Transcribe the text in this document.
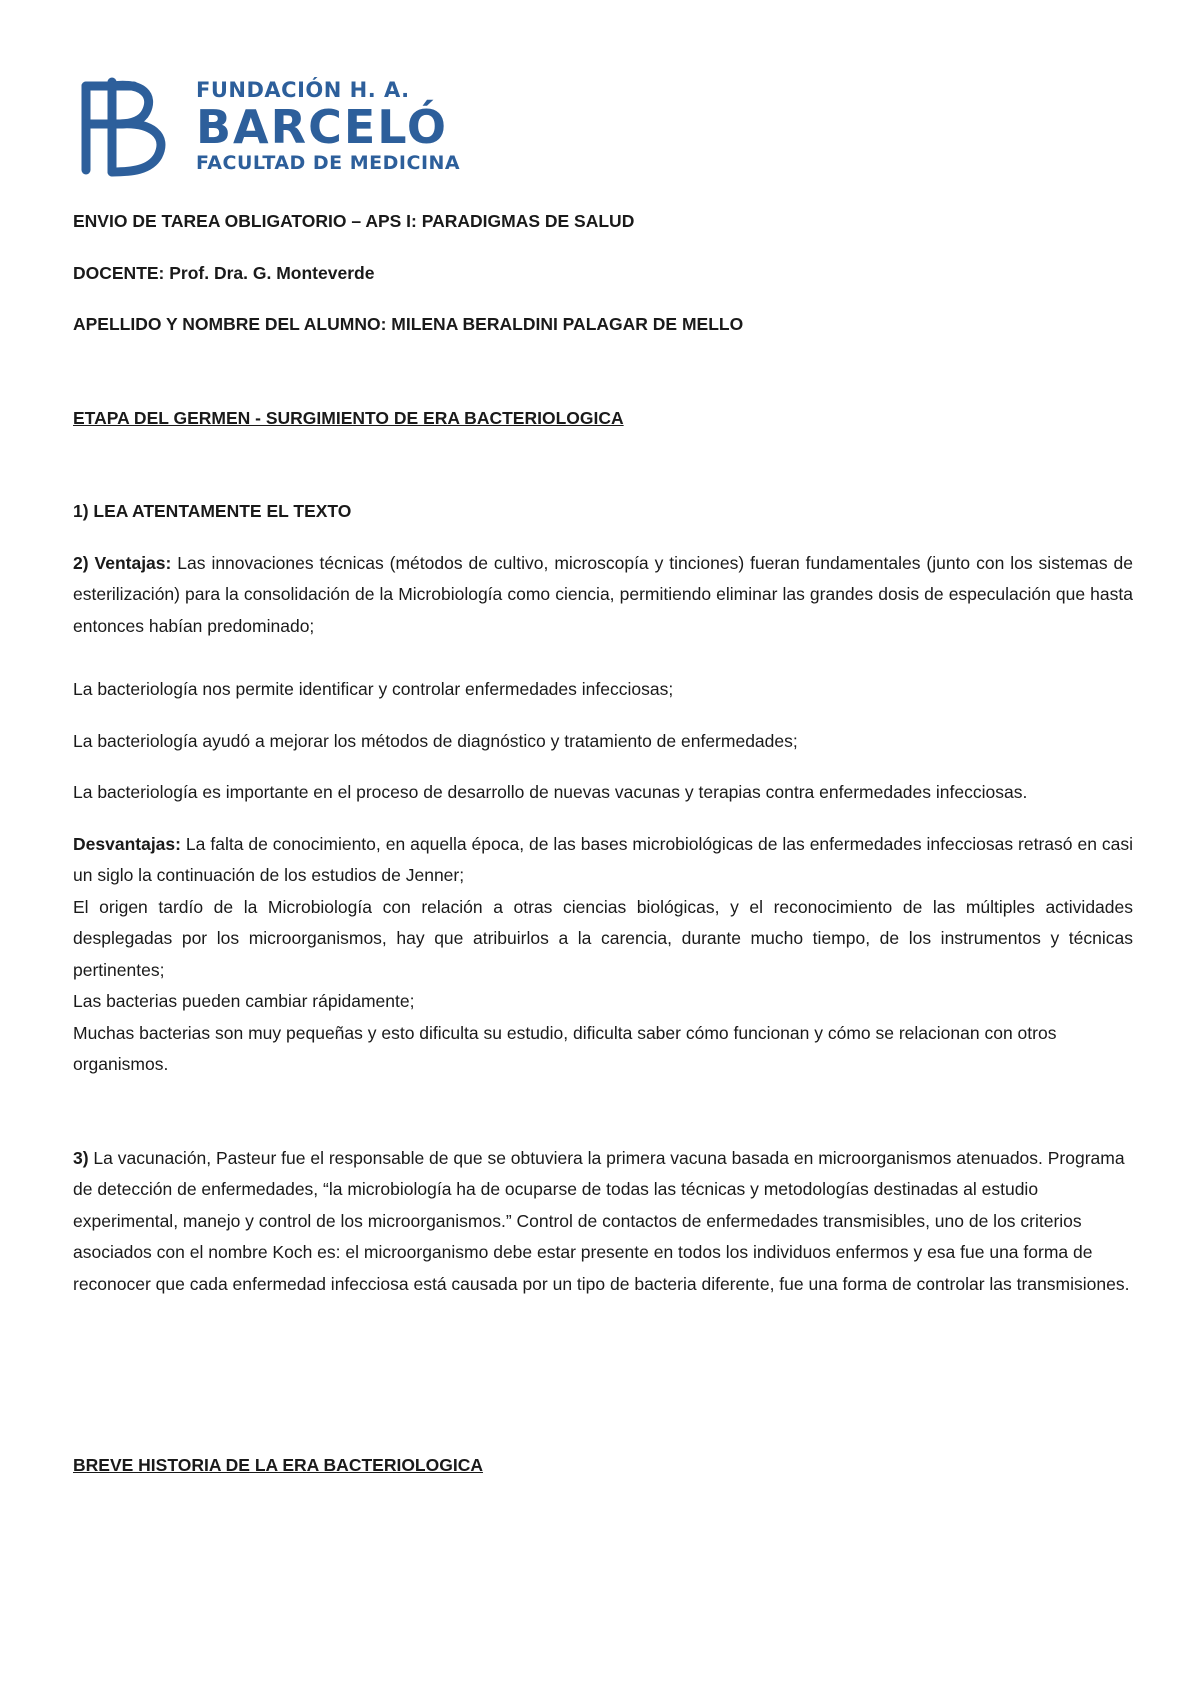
FUNDACIÓN H. A.
BARCELÓ
FACULTAD DE MEDICINA

ENVIO DE TAREA OBLIGATORIO – APS I: PARADIGMAS DE SALUD

DOCENTE: Prof. Dra. G. Monteverde

APELLIDO Y NOMBRE DEL ALUMNO: MILENA BERALDINI PALAGAR DE MELLO

ETAPA DEL GERMEN - SURGIMIENTO DE ERA BACTERIOLOGICA

1) LEA ATENTAMENTE EL TEXTO

2) Ventajas: Las innovaciones técnicas (métodos de cultivo, microscopía y tinciones) fueran fundamentales (junto con los sistemas de esterilización) para la consolidación de la Microbiología como ciencia, permitiendo eliminar las grandes dosis de especulación que hasta entonces habían predominado;

La bacteriología nos permite identificar y controlar enfermedades infecciosas;

La bacteriología ayudó a mejorar los métodos de diagnóstico y tratamiento de enfermedades;

La bacteriología es importante en el proceso de desarrollo de nuevas vacunas y terapias contra enfermedades infecciosas.

Desvantajas: La falta de conocimiento, en aquella época, de las bases microbiológicas de las enfermedades infecciosas retrasó en casi un siglo la continuación de los estudios de Jenner;

El origen tardío de la Microbiología con relación a otras ciencias biológicas, y el reconocimiento de las múltiples actividades desplegadas por los microorganismos, hay que atribuirlos a la carencia, durante mucho tiempo, de los instrumentos y técnicas pertinentes;

Las bacterias pueden cambiar rápidamente;

Muchas bacterias son muy pequeñas y esto dificulta su estudio, dificulta saber cómo funcionan y cómo se relacionan con otros organismos.

3) La vacunación, Pasteur fue el responsable de que se obtuviera la primera vacuna basada en microorganismos atenuados. Programa de detección de enfermedades, “la microbiología ha de ocuparse de todas las técnicas y metodologías destinadas al estudio experimental, manejo y control de los microorganismos.” Control de contactos de enfermedades transmisibles, uno de los criterios asociados con el nombre Koch es: el microorganismo debe estar presente en todos los individuos enfermos y esa fue una forma de reconocer que cada enfermedad infecciosa está causada por un tipo de bacteria diferente, fue una forma de controlar las transmisiones.

BREVE HISTORIA DE LA ERA BACTERIOLOGICA
